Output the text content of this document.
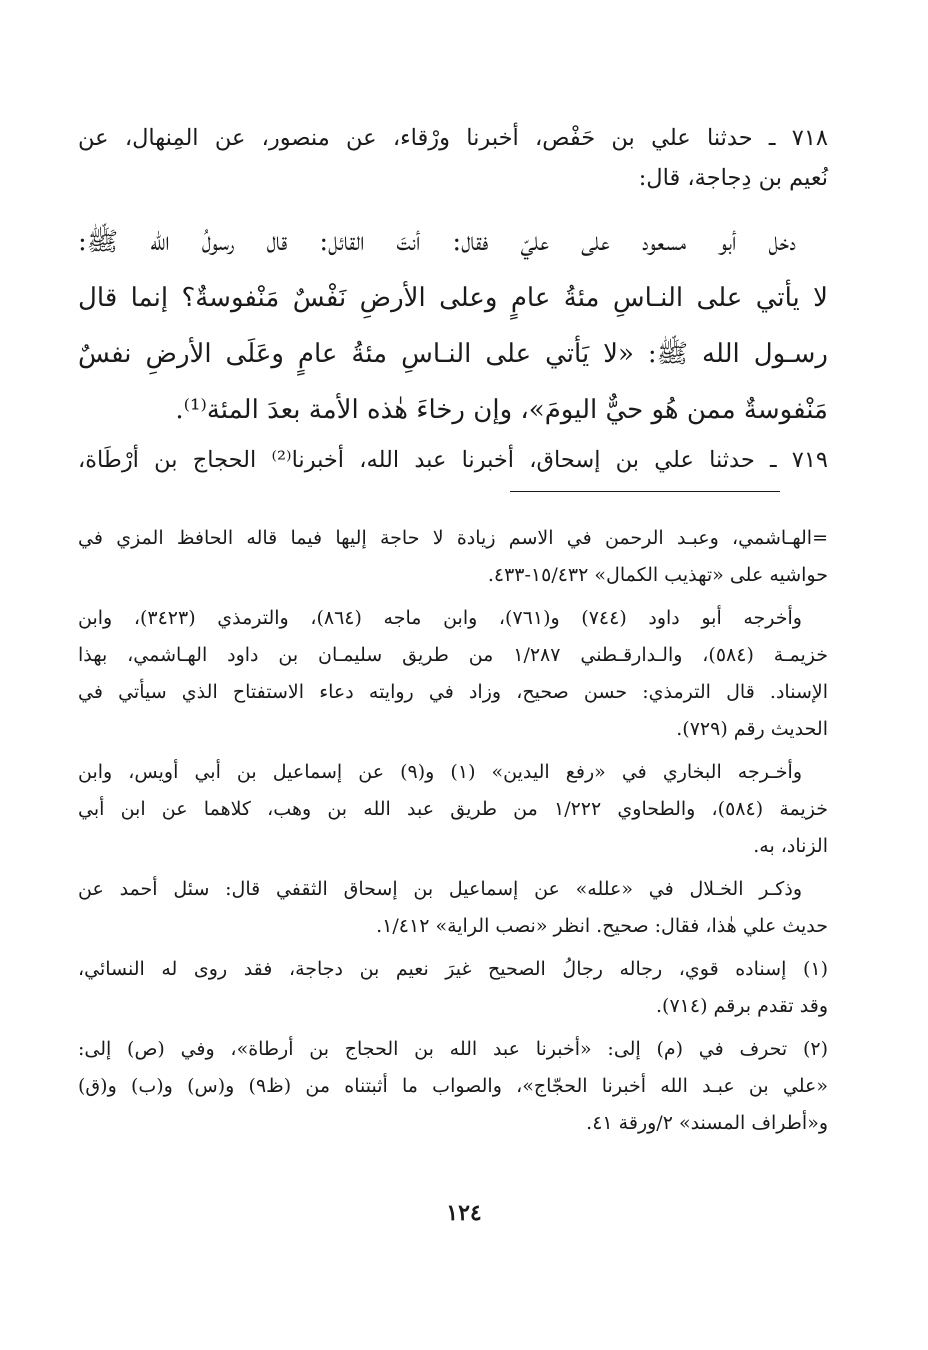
٧١٨ ـ حدثنا علي بن حَفْص، أخبرنا ورْقاء، عن منصور، عن المِنهال، عن
نُعيم بن دِجاجة، قال:
دخل أبو مسعود على عليّ فقال: أنتَ القائل: قال رسولُ الله ﷺ:
لا يأتي على النـاسِ مئةُ عامٍ وعلى الأرضِ نَفْسٌ مَنْفوسةٌ؟ إنما قال
رسـول الله ﷺ: «لا يَأتي على النـاسِ مئةُ عامٍ وعَلَى الأرضِ نفسٌ
مَنْفوسةٌ ممن هُو حيٌّ اليومَ»، وإن رخاءَ هٰذه الأمة بعدَ المئة⁽¹⁾.
٧١٩ ـ حدثنا علي بن إسحاق، أخبرنا عبد الله، أخبرنا⁽²⁾ الحجاج بن أرْطَاة،
=الهـاشمي، وعبـد الرحمن في الاسم زيادة لا حاجة إليها فيما قاله الحافظ المزي في
حواشيه على «تهذيب الكمال» ١٥/٤٣٢-٤٣٣.
وأخرجه أبو داود (٧٤٤) و(٧٦١)، وابن ماجه (٨٦٤)، والترمذي (٣٤٢٣)، وابن
خزيمـة (٥٨٤)، والـدارقـطني ١/٢٨٧ من طريق سليمـان بن داود الهـاشمي، بهذا
الإسناد. قال الترمذي: حسن صحيح، وزاد في روايته دعاء الاستفتاح الذي سيأتي في
الحديث رقم (٧٢٩).
وأخـرجه البخاري في «رفع اليدين» (١) و(٩) عن إسماعيل بن أبي أويس، وابن
خزيمة (٥٨٤)، والطحاوي ١/٢٢٢ من طريق عبد الله بن وهب، كلاهما عن ابن أبي
الزناد، به.
وذكـر الخـلال في «علله» عن إسماعيل بن إسحاق الثقفي قال: سئل أحمد عن
حديث علي هٰذا، فقال: صحيح. انظر «نصب الراية» ١/٤١٢.
(١) إسناده قوي، رجاله رجالُ الصحيح غيرَ نعيم بن دجاجة، فقد روى له النسائي،
وقد تقدم برقم (٧١٤).
(٢) تحرف في (م) إلى: «أخبرنا عبد الله بن الحجاج بن أرطاة»، وفي (ص) إلى:
«علي بن عبـد الله أخبرنا الحجّاج»، والصواب ما أثبتناه من (ظ٩) و(س) و(ب) و(ق)
و«أطراف المسند» ٢/ورقة ٤١.
١٢٤
